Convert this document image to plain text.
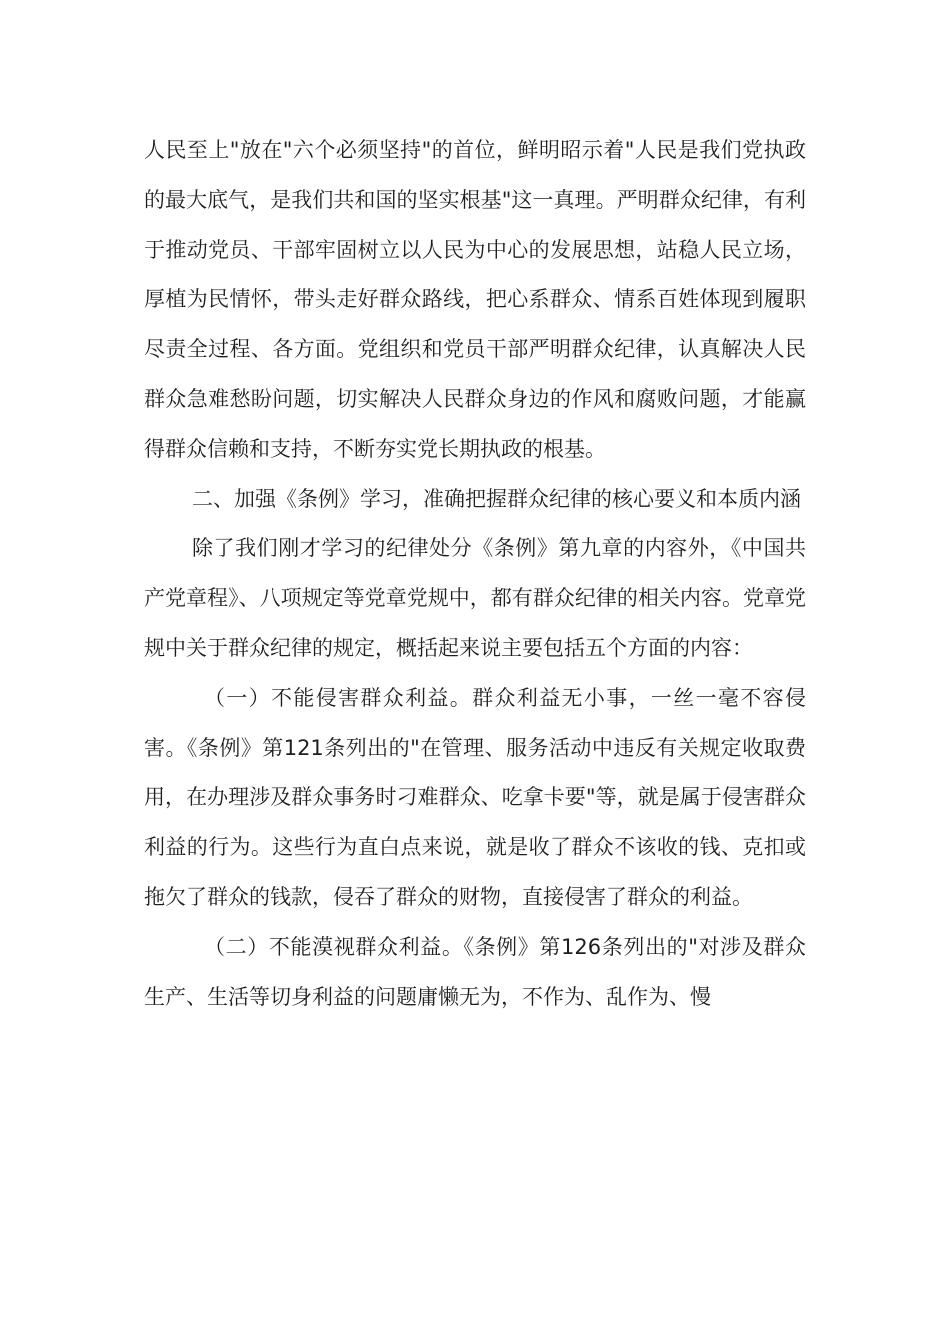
人民至上"放在"六个必须坚持"的首位，鲜明昭示着"人民是我们党执政的最大底气，是我们共和国的坚实根基"这一真理。严明群众纪律，有利于推动党员、干部牢固树立以人民为中心的发展思想，站稳人民立场，厚植为民情怀，带头走好群众路线，把心系群众、情系百姓体现到履职尽责全过程、各方面。党组织和党员干部严明群众纪律，认真解决人民群众急难愁盼问题，切实解决人民群众身边的作风和腐败问题，才能赢得群众信赖和支持，不断夯实党长期执政的根基。

二、加强《条例》学习，准确把握群众纪律的核心要义和本质内涵

除了我们刚才学习的纪律处分《条例》第九章的内容外，《中国共产党章程》、八项规定等党章党规中，都有群众纪律的相关内容。党章党规中关于群众纪律的规定，概括起来说主要包括五个方面的内容：

（一）不能侵害群众利益。群众利益无小事，一丝一毫不容侵害。《条例》第121条列出的"在管理、服务活动中违反有关规定收取费用，在办理涉及群众事务时刁难群众、吃拿卡要"等，就是属于侵害群众利益的行为。这些行为直白点来说，就是收了群众不该收的钱、克扣或拖欠了群众的钱款，侵吞了群众的财物，直接侵害了群众的利益。

（二）不能漠视群众利益。《条例》第126条列出的"对涉及群众生产、生活等切身利益的问题庸懒无为，不作为、乱作为、慢
